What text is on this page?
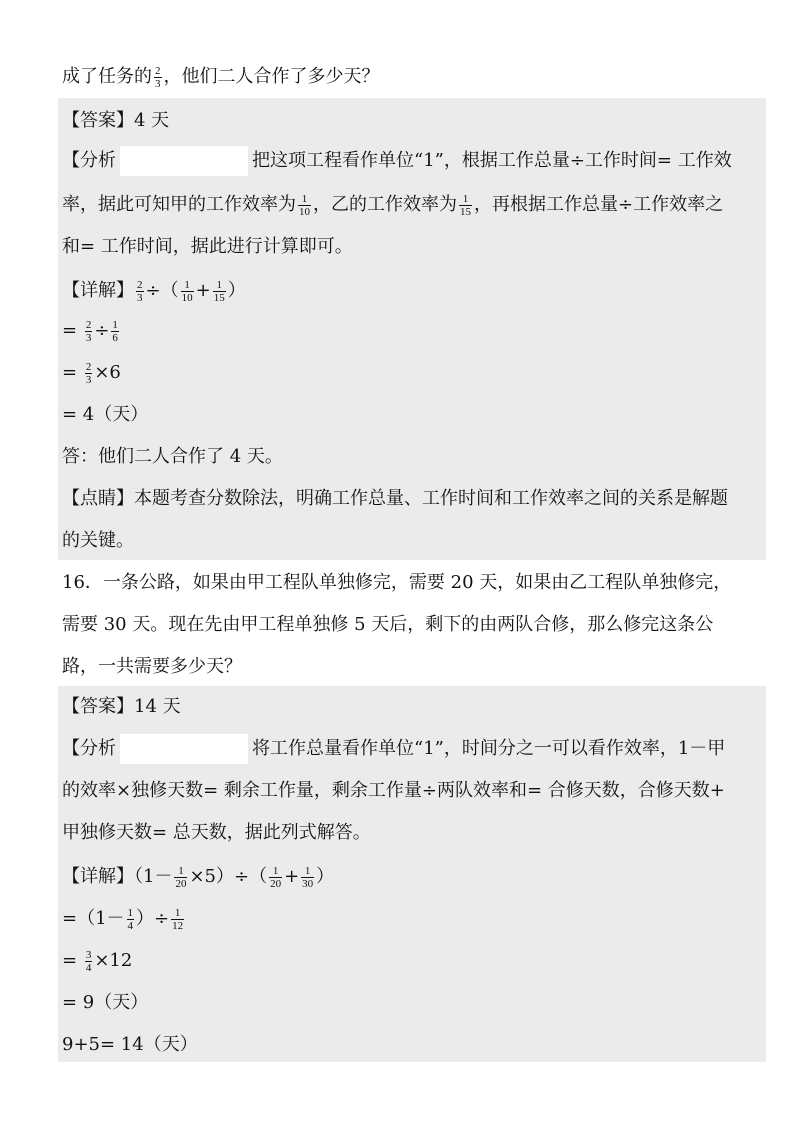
成了任务的 $\frac{2}{3}$ ，他们二人合作了多少天？
【答案】4 天
【分析	把这项工程看作单位“1”，根据工作总量÷工作时间= 工作效
率，据此可知甲的工作效率为 $\frac{1}{10}$ ，乙的工作效率为 $\frac{1}{15}$ ，再根据工作总量÷工作效率之
和= 工作时间，据此进行计算即可。
【详解】 $\frac{2}{3}$ ÷（ $\frac{1}{10} + \frac{1}{15}$ ）
= $\frac{2}{3} \div \frac{1}{6}$
= $\frac{2}{3} \times 6$
= 4（天）
答：他们二人合作了 4 天。
【点睛】本题考查分数除法，明确工作总量、工作时间和工作效率之间的关系是解题
的关键。
16．一条公路，如果由甲工程队单独修完，需要 20 天，如果由乙工程队单独修完，
需要 30 天。现在先由甲工程单独修 5 天后，剩下的由两队合修，那么修完这条公
路，一共需要多少天？
【答案】14 天
【分析	将工作总量看作单位“1”，时间分之一可以看作效率，1－甲
的效率×独修天数= 剩余工作量，剩余工作量÷两队效率和= 合修天数，合修天数+
甲独修天数= 总天数，据此列式解答。
【详解】$(1- \frac{1}{20} \times 5)\div( \frac{1}{20} + \frac{1}{30}$ ）
$=(1- \frac{1}{4}$ ）÷ $\frac{1}{12}$
= $\frac{3}{4} \times 12$
= 9（天）
9+5= 14（天）
